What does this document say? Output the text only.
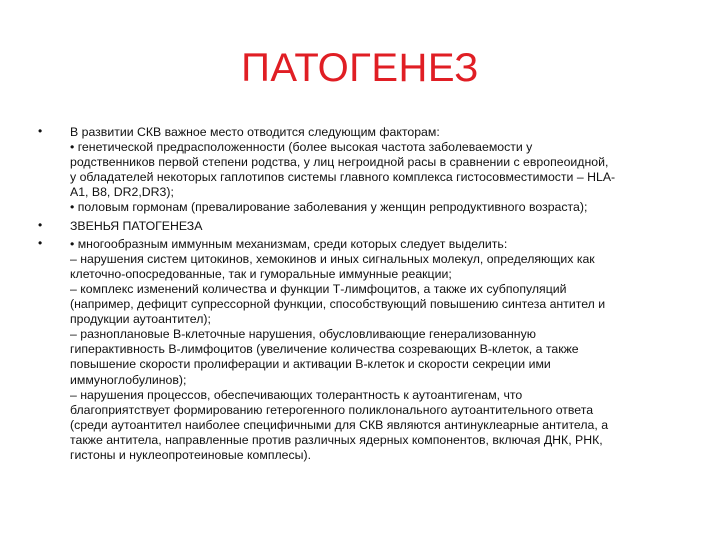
ПАТОГЕНЕЗ
• В развитии СКВ важное место отводится следующим факторам:
• генетической предрасположенности (более высокая частота заболеваемости у
родственников первой степени родства, у лиц негроидной расы в сравнении с европеоидной,
у обладателей некоторых гаплотипов системы главного комплекса гистосовместимости – HLA-
A1, B8, DR2,DR3);
• половым гормонам (превалирование заболевания у женщин репродуктивного возраста);
• ЗВЕНЬЯ ПАТОГЕНЕЗА
• • многообразным иммунным механизмам, среди которых следует выделить:
– нарушения систем цитокинов, хемокинов и иных сигнальных молекул, определяющих как
клеточно-опосредованные, так и гуморальные иммунные реакции;
– комплекс изменений количества и функции Т-лимфоцитов, а также их субпопуляций
(например, дефицит супрессорной функции, способствующий повышению синтеза антител и
продукции аутоантител);
– разноплановые В-клеточные нарушения, обусловливающие генерализованную
гиперактивность В-лимфоцитов (увеличение количества созревающих В-клеток, а также
повышение скорости пролиферации и активации В-клеток и скорости секреции ими
иммуноглобулинов);
– нарушения процессов, обеспечивающих толерантность к аутоантигенам, что
благоприятствует формированию гетерогенного поликлонального аутоантительного ответа
(среди аутоантител наиболее специфичными для СКВ являются антинуклеарные антитела, а
также антитела, направленные против различных ядерных компонентов, включая ДНК, РНК,
гистоны и нуклеопротеиновые комплесы).
